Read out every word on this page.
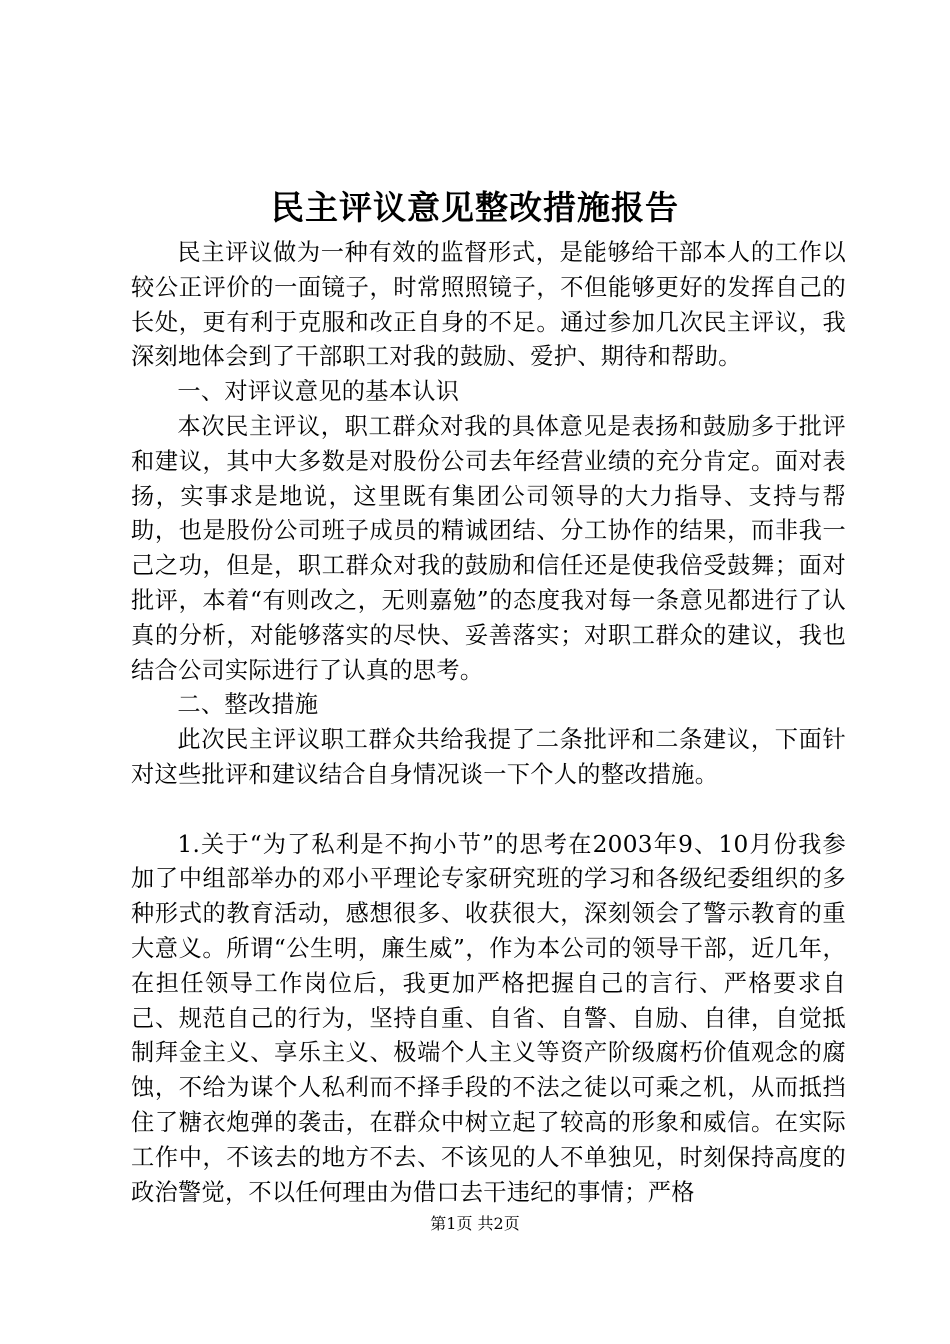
民主评议意见整改措施报告

民主评议做为一种有效的监督形式，是能够给干部本人的工作以较公正评价的一面镜子，时常照照镜子，不但能够更好的发挥自己的长处，更有利于克服和改正自身的不足。通过参加几次民主评议，我深刻地体会到了干部职工对我的鼓励、爱护、期待和帮助。

一、对评议意见的基本认识

本次民主评议，职工群众对我的具体意见是表扬和鼓励多于批评和建议，其中大多数是对股份公司去年经营业绩的充分肯定。面对表扬，实事求是地说，这里既有集团公司领导的大力指导、支持与帮助，也是股份公司班子成员的精诚团结、分工协作的结果，而非我一己之功，但是，职工群众对我的鼓励和信任还是使我倍受鼓舞；面对批评，本着“有则改之，无则嘉勉”的态度我对每一条意见都进行了认真的分析，对能够落实的尽快、妥善落实；对职工群众的建议，我也结合公司实际进行了认真的思考。

二、整改措施

此次民主评议职工群众共给我提了二条批评和二条建议，下面针对这些批评和建议结合自身情况谈一下个人的整改措施。

1.关于“为了私利是不拘小节”的思考在2003年9、10月份我参加了中组部举办的邓小平理论专家研究班的学习和各级纪委组织的多种形式的教育活动，感想很多、收获很大，深刻领会了警示教育的重大意义。所谓“公生明，廉生威”，作为本公司的领导干部，近几年，在担任领导工作岗位后，我更加严格把握自己的言行、严格要求自己、规范自己的行为，坚持自重、自省、自警、自励、自律，自觉抵制拜金主义、享乐主义、极端个人主义等资产阶级腐朽价值观念的腐蚀，不给为谋个人私利而不择手段的不法之徒以可乘之机，从而抵挡住了糖衣炮弹的袭击，在群众中树立起了较高的形象和威信。在实际工作中，不该去的地方不去、不该见的人不单独见，时刻保持高度的政治警觉，不以任何理由为借口去干违纪的事情；严格

第1页 共2页
